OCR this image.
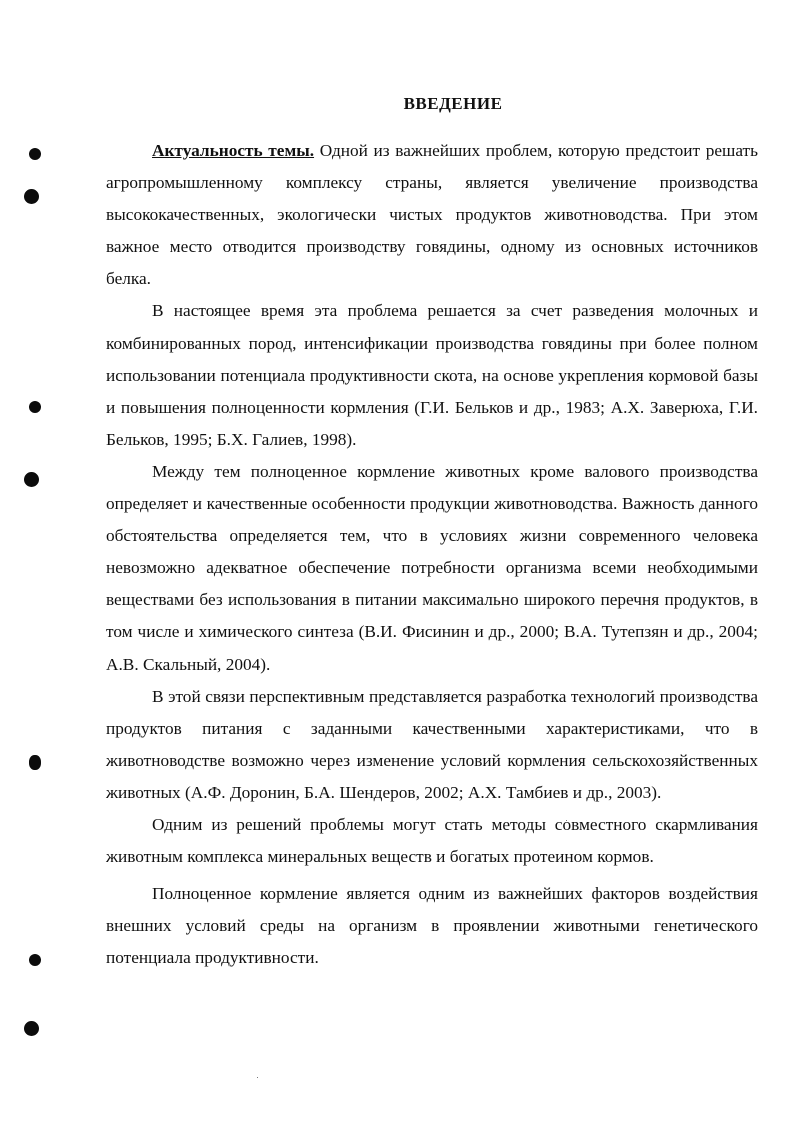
ВВЕДЕНИЕ

Актуальность темы. Одной из важнейших проблем, которую предстоит решать агропромышленному комплексу страны, является увеличение производства высококачественных, экологически чистых продуктов животноводства. При этом важное место отводится производству говядины, одному из основных источников белка.

В настоящее время эта проблема решается за счет разведения молочных и комбинированных пород, интенсификации производства говядины при более полном использовании потенциала продуктивности скота, на основе укрепления кормовой базы и повышения полноценности кормления (Г.И. Бельков и др., 1983; А.Х. Заверюха, Г.И. Бельков, 1995; Б.Х. Галиев, 1998).

Между тем полноценное кормление животных кроме валового производства определяет и качественные особенности продукции животноводства. Важность данного обстоятельства определяется тем, что в условиях жизни современного человека невозможно адекватное обеспечение потребности организма всеми необходимыми веществами без использования в питании максимально широкого перечня продуктов, в том числе и химического синтеза (В.И. Фисинин и др., 2000; В.А. Тутепзян и др., 2004; А.В. Скальный, 2004).

В этой связи перспективным представляется разработка технологий производства продуктов питания с заданными качественными характеристиками, что в животноводстве возможно через изменение условий кормления сельскохозяйственных животных (А.Ф. Доронин, Б.А. Шендеров, 2002; А.Х. Тамбиев и др., 2003).

Одним из решений проблемы могут стать методы совместного скармливания животным комплекса минеральных веществ и богатых протеином кормов.

Полноценное кормление является одним из важнейших факторов воздействия внешних условий среды на организм в проявлении животными генетического потенциала продуктивности.
